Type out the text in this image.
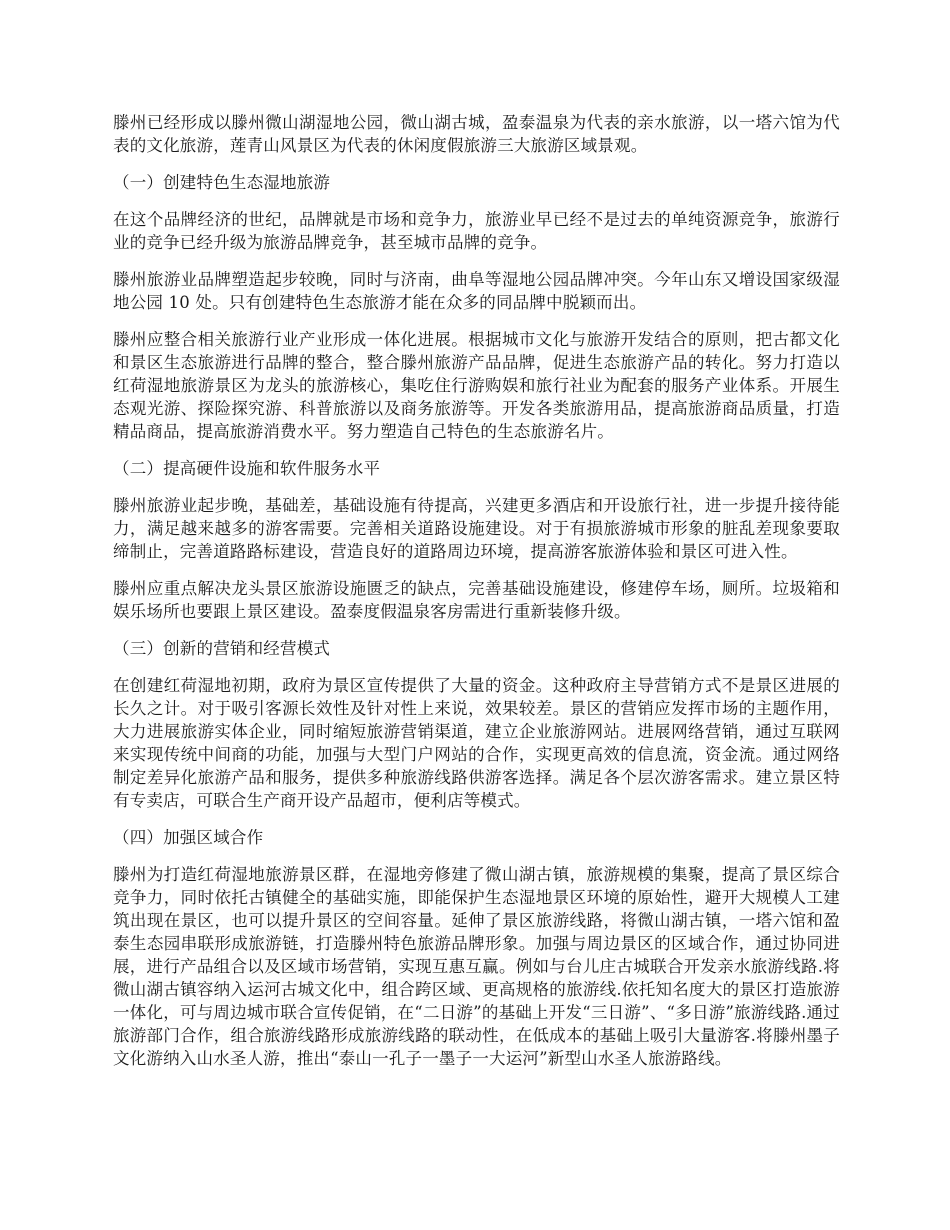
滕州已经形成以滕州微山湖湿地公园，微山湖古城，盈泰温泉为代表的亲水旅游，以一塔六馆为代表的文化旅游，莲青山风景区为代表的休闲度假旅游三大旅游区域景观。

（一）创建特色生态湿地旅游

在这个品牌经济的世纪，品牌就是市场和竞争力，旅游业早已经不是过去的单纯资源竞争，旅游行业的竞争已经升级为旅游品牌竞争，甚至城市品牌的竞争。

滕州旅游业品牌塑造起步较晚，同时与济南，曲阜等湿地公园品牌冲突。今年山东又增设国家级湿地公园 10 处。只有创建特色生态旅游才能在众多的同品牌中脱颖而出。

滕州应整合相关旅游行业产业形成一体化进展。根据城市文化与旅游开发结合的原则，把古都文化和景区生态旅游进行品牌的整合，整合滕州旅游产品品牌，促进生态旅游产品的转化。努力打造以红荷湿地旅游景区为龙头的旅游核心，集吃住行游购娱和旅行社业为配套的服务产业体系。开展生态观光游、探险探究游、科普旅游以及商务旅游等。开发各类旅游用品，提高旅游商品质量，打造精品商品，提高旅游消费水平。努力塑造自己特色的生态旅游名片。

（二）提高硬件设施和软件服务水平

滕州旅游业起步晚，基础差，基础设施有待提高，兴建更多酒店和开设旅行社，进一步提升接待能力，满足越来越多的游客需要。完善相关道路设施建设。对于有损旅游城市形象的脏乱差现象要取缔制止，完善道路路标建设，营造良好的道路周边环境，提高游客旅游体验和景区可进入性。

滕州应重点解决龙头景区旅游设施匮乏的缺点，完善基础设施建设，修建停车场，厕所。垃圾箱和娱乐场所也要跟上景区建设。盈泰度假温泉客房需进行重新装修升级。

（三）创新的营销和经营模式

在创建红荷湿地初期，政府为景区宣传提供了大量的资金。这种政府主导营销方式不是景区进展的长久之计。对于吸引客源长效性及针对性上来说，效果较差。景区的营销应发挥市场的主题作用，大力进展旅游实体企业，同时缩短旅游营销渠道，建立企业旅游网站。进展网络营销，通过互联网来实现传统中间商的功能，加强与大型门户网站的合作，实现更高效的信息流，资金流。通过网络制定差异化旅游产品和服务，提供多种旅游线路供游客选择。满足各个层次游客需求。建立景区特有专卖店，可联合生产商开设产品超市，便利店等模式。

（四）加强区域合作

滕州为打造红荷湿地旅游景区群，在湿地旁修建了微山湖古镇，旅游规模的集聚，提高了景区综合竞争力，同时依托古镇健全的基础实施，即能保护生态湿地景区环境的原始性，避开大规模人工建筑出现在景区，也可以提升景区的空间容量。延伸了景区旅游线路，将微山湖古镇，一塔六馆和盈泰生态园串联形成旅游链，打造滕州特色旅游品牌形象。加强与周边景区的区域合作，通过协同进展，进行产品组合以及区域市场营销，实现互惠互赢。例如与台儿庄古城联合开发亲水旅游线路.将微山湖古镇容纳入运河古城文化中，组合跨区域、更高规格的旅游线.依托知名度大的景区打造旅游一体化，可与周边城市联合宣传促销，在“二日游”的基础上开发“三日游”、“多日游”旅游线路.通过旅游部门合作，组合旅游线路形成旅游线路的联动性，在低成本的基础上吸引大量游客.将滕州墨子文化游纳入山水圣人游，推出“泰山一孔子一墨子一大运河”新型山水圣人旅游路线。
